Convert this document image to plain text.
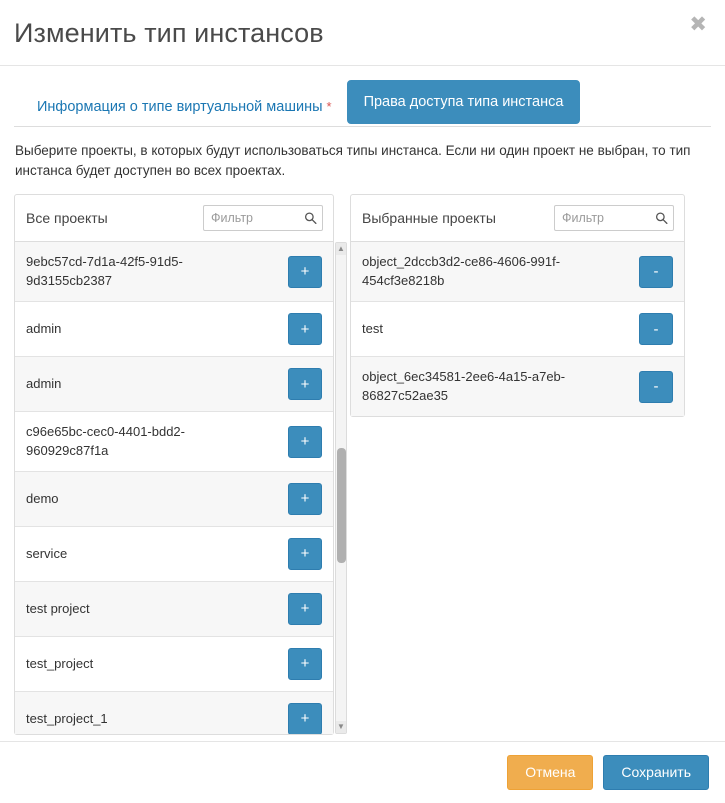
Изменить тип инстансов	✖
Информация о типе виртуальной машины *	Права доступа типа инстанса

Выберите проекты, в которых будут использоваться типы инстанса. Если ни один проект не выбран, то тип инстанса будет доступен во всех проектах.

Все проекты
Фильтр
9ebc57cd-7d1a-42f5-91d5-9d3155cb2387	+
admin	+
admin	+
c96e65bc-cec0-4401-bdd2-960929c87f1a	+
demo	+
service	+
test project	+
test_project	+
test_project_1	+
▲
▼
Выбранные проекты
Фильтр
object_2dccb3d2-ce86-4606-991f-454cf3e8218b	-
test	-
object_6ec34581-2ee6-4a15-a7eb-86827c52ae35	-
Отмена	Сохранить
